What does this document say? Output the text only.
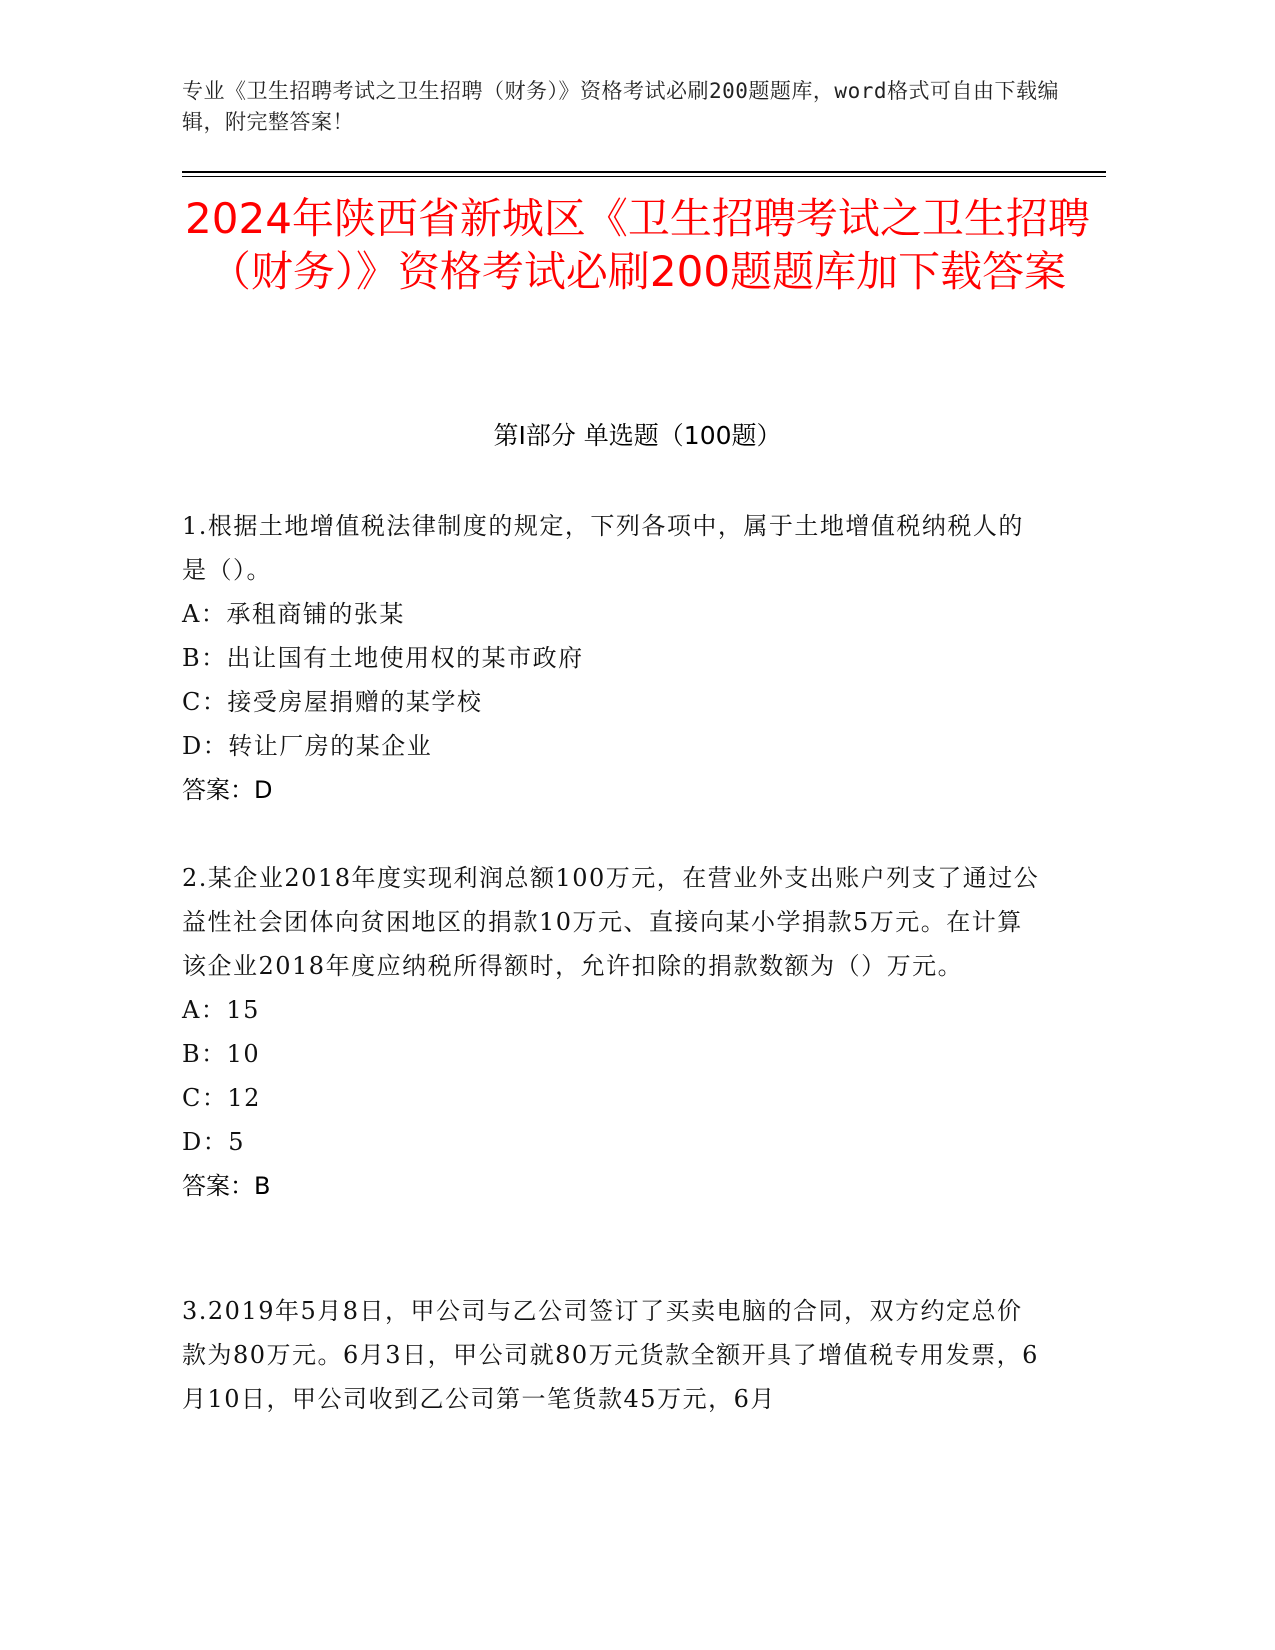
专业《卫生招聘考试之卫生招聘（财务）》资格考试必刷200题题库，word格式可自由下载编辑，附完整答案！
2024年陕西省新城区《卫生招聘考试之卫生招聘（财务）》资格考试必刷200题题库加下载答案
第I部分 单选题（100题）

1.根据土地增值税法律制度的规定，下列各项中，属于土地增值税纳税人的是（）。

A：承租商铺的张某

B：出让国有土地使用权的某市政府

C：接受房屋捐赠的某学校

D：转让厂房的某企业

答案：D

2.某企业2018年度实现利润总额100万元，在营业外支出账户列支了通过公益性社会团体向贫困地区的捐款10万元、直接向某小学捐款5万元。在计算该企业2018年度应纳税所得额时，允许扣除的捐款数额为（）万元。

A：15

B：10

C：12

D：5

答案：B

3.2019年5月8日，甲公司与乙公司签订了买卖电脑的合同，双方约定总价款为80万元。6月3日，甲公司就80万元货款全额开具了增值税专用发票，6月10日，甲公司收到乙公司第一笔货款45万元，6月
